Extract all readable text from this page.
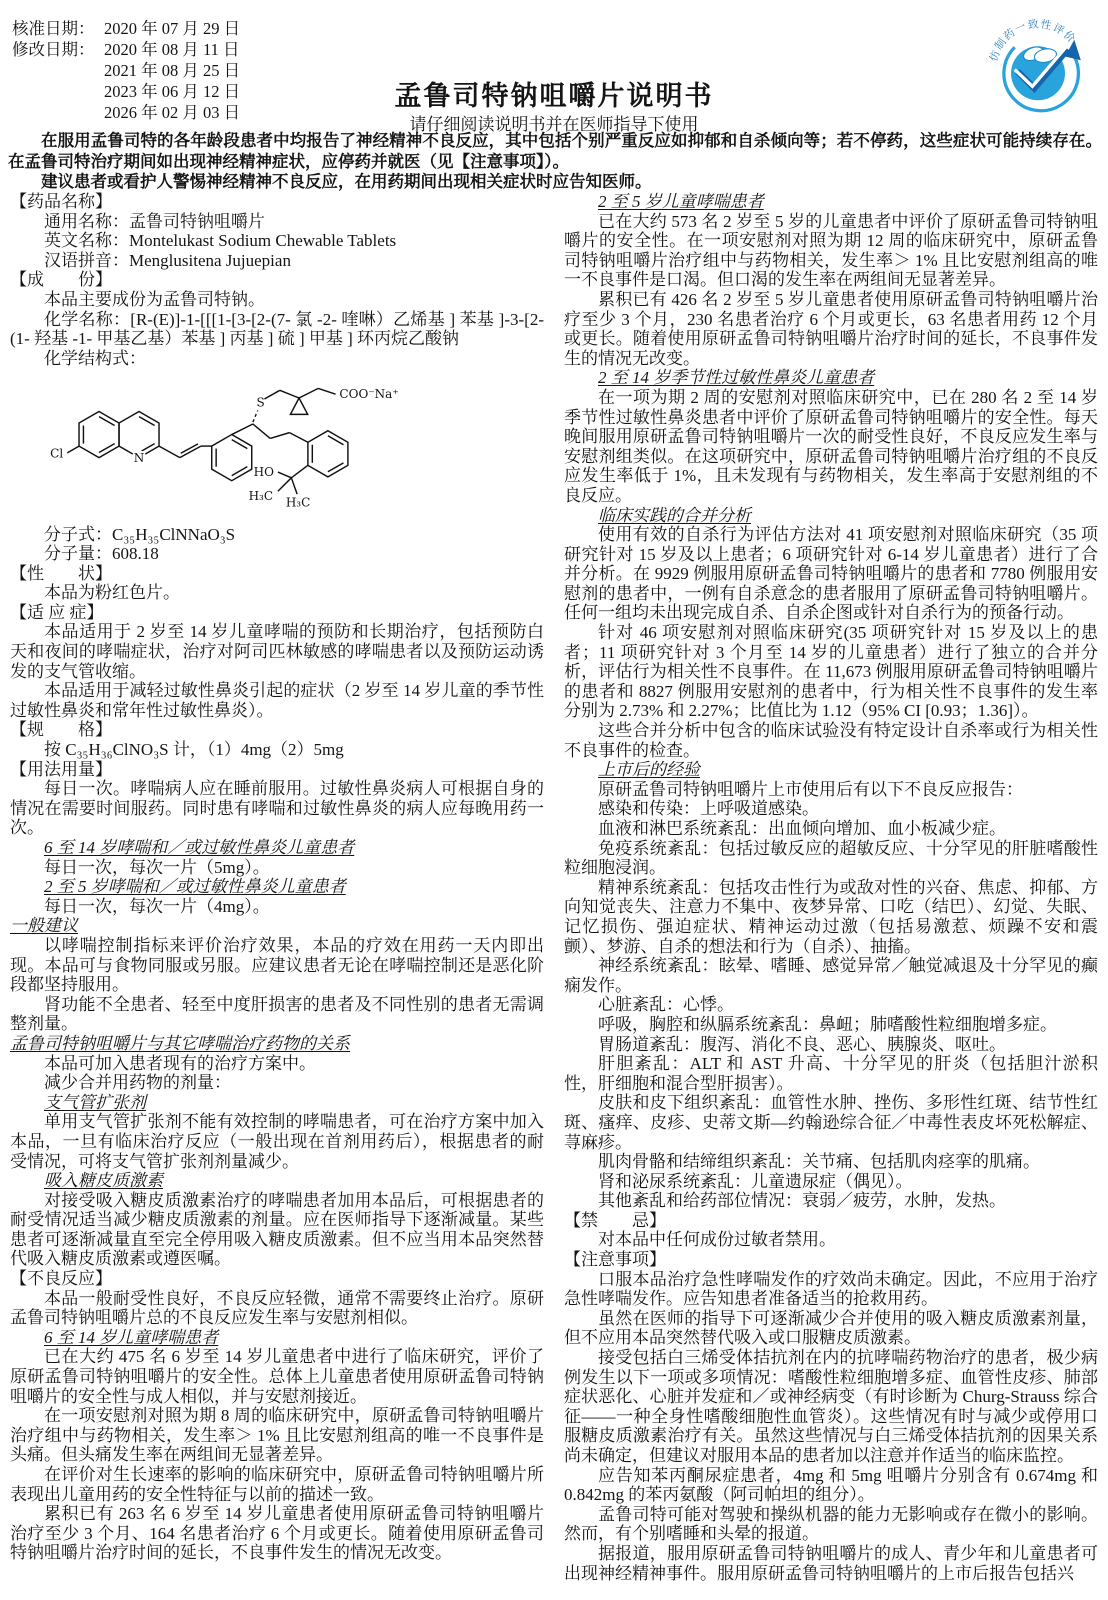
核准日期： 2020 年 07 月 29 日
修改日期： 2020 年 08 月 11 日
2021 年 08 月 25 日
2023 年 06 月 12 日
2026 年 02 月 03 日
孟鲁司特钠咀嚼片说明书
请仔细阅读说明书并在医师指导下使用

在服用孟鲁司特的各年龄段患者中均报告了神经精神不良反应，其中包括个别严重反应如抑郁和自杀倾向等；若不停药，这些症状可能持续存在。在孟鲁司特治疗期间如出现神经精神症状，应停药并就医（见【注意事项】）。

建议患者或看护人警惕神经精神不良反应，在用药期间出现相关症状时应告知医师。

仿制药一致性评价
【药品名称】
通用名称：孟鲁司特钠咀嚼片
英文名称：Montelukast Sodium Chewable Tablets
汉语拼音：Menglusitena Jujuepian
【成　　份】
本品主要成份为孟鲁司特钠。
化学名称：[R-(E)]-1-[[[1-[3-[2-(7- 氯 -2- 喹啉）乙烯基 ] 苯基 ]-3-[2-(1- 羟基 -1- 甲基乙基）苯基 ] 丙基 ] 硫 ] 甲基 ] 环丙烷乙酸钠
化学结构式：
N
Cl
S
COO⁻Na⁺
HO
H₃C H₃C
分子式：C₃₅H₃₅ClNNaO₃S
分子量：608.18
【性　　状】
本品为粉红色片。
【适 应 症】
本品适用于 2 岁至 14 岁儿童哮喘的预防和长期治疗，包括预防白天和夜间的哮喘症状，治疗对阿司匹林敏感的哮喘患者以及预防运动诱发的支气管收缩。
本品适用于减轻过敏性鼻炎引起的症状（2 岁至 14 岁儿童的季节性过敏性鼻炎和常年性过敏性鼻炎）。
【规　　格】
按 C₃₅H₃₆ClNO₃S 计，（1）4mg（2）5mg
【用法用量】
每日一次。哮喘病人应在睡前服用。过敏性鼻炎病人可根据自身的情况在需要时间服药。同时患有哮喘和过敏性鼻炎的病人应每晚用药一次。
6 至 14 岁哮喘和／或过敏性鼻炎儿童患者
每日一次，每次一片（5mg）。
2 至 5 岁哮喘和／或过敏性鼻炎儿童患者
每日一次，每次一片（4mg）。
一般建议
以哮喘控制指标来评价治疗效果，本品的疗效在用药一天内即出现。本品可与食物同服或另服。应建议患者无论在哮喘控制还是恶化阶段都坚持服用。
肾功能不全患者、轻至中度肝损害的患者及不同性别的患者无需调整剂量。
孟鲁司特钠咀嚼片与其它哮喘治疗药物的关系
本品可加入患者现有的治疗方案中。
减少合并用药物的剂量：
支气管扩张剂
单用支气管扩张剂不能有效控制的哮喘患者，可在治疗方案中加入本品，一旦有临床治疗反应（一般出现在首剂用药后），根据患者的耐受情况，可将支气管扩张剂剂量减少。
吸入糖皮质激素
对接受吸入糖皮质激素治疗的哮喘患者加用本品后，可根据患者的耐受情况适当减少糖皮质激素的剂量。应在医师指导下逐渐减量。某些患者可逐渐减量直至完全停用吸入糖皮质激素。但不应当用本品突然替代吸入糖皮质激素或遵医嘱。
【不良反应】
本品一般耐受性良好，不良反应轻微，通常不需要终止治疗。原研孟鲁司特钠咀嚼片总的不良反应发生率与安慰剂相似。
6 至 14 岁儿童哮喘患者
已在大约 475 名 6 岁至 14 岁儿童患者中进行了临床研究，评价了原研孟鲁司特钠咀嚼片的安全性。总体上儿童患者使用原研孟鲁司特钠咀嚼片的安全性与成人相似，并与安慰剂接近。
在一项安慰剂对照为期 8 周的临床研究中，原研孟鲁司特钠咀嚼片治疗组中与药物相关，发生率＞ 1% 且比安慰剂组高的唯一不良事件是头痛。但头痛发生率在两组间无显著差异。
在评价对生长速率的影响的临床研究中，原研孟鲁司特钠咀嚼片所表现出儿童用药的安全性特征与以前的描述一致。
累积已有 263 名 6 岁至 14 岁儿童患者使用原研孟鲁司特钠咀嚼片治疗至少 3 个月、164 名患者治疗 6 个月或更长。随着使用原研孟鲁司特钠咀嚼片治疗时间的延长，不良事件发生的情况无改变。
2 至 5 岁儿童哮喘患者
已在大约 573 名 2 岁至 5 岁的儿童患者中评价了原研孟鲁司特钠咀嚼片的安全性。在一项安慰剂对照为期 12 周的临床研究中，原研孟鲁司特钠咀嚼片治疗组中与药物相关，发生率＞ 1% 且比安慰剂组高的唯一不良事件是口渴。但口渴的发生率在两组间无显著差异。
累积已有 426 名 2 岁至 5 岁儿童患者使用原研孟鲁司特钠咀嚼片治疗至少 3 个月，230 名患者治疗 6 个月或更长，63 名患者用药 12 个月或更长。随着使用原研孟鲁司特钠咀嚼片治疗时间的延长，不良事件发生的情况无改变。
2 至 14 岁季节性过敏性鼻炎儿童患者
在一项为期 2 周的安慰剂对照临床研究中，已在 280 名 2 至 14 岁季节性过敏性鼻炎患者中评价了原研孟鲁司特钠咀嚼片的安全性。每天晚间服用原研孟鲁司特钠咀嚼片一次的耐受性良好，不良反应发生率与安慰剂组类似。在这项研究中，原研孟鲁司特钠咀嚼片治疗组的不良反应发生率低于 1%，且未发现有与药物相关，发生率高于安慰剂组的不良反应。
临床实践的合并分析
使用有效的自杀行为评估方法对 41 项安慰剂对照临床研究（35 项研究针对 15 岁及以上患者；6 项研究针对 6-14 岁儿童患者）进行了合并分析。在 9929 例服用原研孟鲁司特钠咀嚼片的患者和 7780 例服用安慰剂的患者中，一例有自杀意念的患者服用了原研孟鲁司特钠咀嚼片。任何一组均未出现完成自杀、自杀企图或针对自杀行为的预备行动。
针对 46 项安慰剂对照临床研究(35 项研究针对 15 岁及以上的患者；11 项研究针对 3 个月至 14 岁的儿童患者）进行了独立的合并分析，评估行为相关性不良事件。在 11,673 例服用原研孟鲁司特钠咀嚼片的患者和 8827 例服用安慰剂的患者中，行为相关性不良事件的发生率分别为 2.73% 和 2.27%；比值比为 1.12（95% CI [0.93；1.36]）。
这些合并分析中包含的临床试验没有特定设计自杀率或行为相关性不良事件的检查。
上市后的经验
原研孟鲁司特钠咀嚼片上市使用后有以下不良反应报告：
感染和传染：上呼吸道感染。
血液和淋巴系统紊乱：出血倾向增加、血小板减少症。
免疫系统紊乱：包括过敏反应的超敏反应、十分罕见的肝脏嗜酸性粒细胞浸润。
精神系统紊乱：包括攻击性行为或敌对性的兴奋、焦虑、抑郁、方向知觉丧失、注意力不集中、夜梦异常、口吃（结巴）、幻觉、失眠、记忆损伤、强迫症状、精神运动过激（包括易激惹、烦躁不安和震颤）、梦游、自杀的想法和行为（自杀）、抽搐。
神经系统紊乱：眩晕、嗜睡、感觉异常／触觉减退及十分罕见的癫痫发作。
心脏紊乱：心悸。
呼吸，胸腔和纵膈系统紊乱：鼻衄；肺嗜酸性粒细胞增多症。
胃肠道紊乱：腹泻、消化不良、恶心、胰腺炎、呕吐。
肝胆紊乱：ALT 和 AST 升高、十分罕见的肝炎（包括胆汁淤积性，肝细胞和混合型肝损害）。
皮肤和皮下组织紊乱：血管性水肿、挫伤、多形性红斑、结节性红斑、瘙痒、皮疹、史蒂文斯—约翰逊综合征／中毒性表皮坏死松解症、荨麻疹。
肌肉骨骼和结缔组织紊乱：关节痛、包括肌肉痉挛的肌痛。
肾和泌尿系统紊乱：儿童遗尿症（偶见）。
其他紊乱和给药部位情况：衰弱／疲劳，水肿，发热。
【禁　　忌】
对本品中任何成份过敏者禁用。
【注意事项】
口服本品治疗急性哮喘发作的疗效尚未确定。因此，不应用于治疗急性哮喘发作。应告知患者准备适当的抢救用药。
虽然在医师的指导下可逐渐减少合并使用的吸入糖皮质激素剂量，但不应用本品突然替代吸入或口服糖皮质激素。
接受包括白三烯受体拮抗剂在内的抗哮喘药物治疗的患者，极少病例发生以下一项或多项情况：嗜酸性粒细胞增多症、血管性皮疹、肺部症状恶化、心脏并发症和／或神经病变（有时诊断为 Churg-Strauss 综合征——一种全身性嗜酸细胞性血管炎）。这些情况有时与减少或停用口服糖皮质激素治疗有关。虽然这些情况与白三烯受体拮抗剂的因果关系尚未确定，但建议对服用本品的患者加以注意并作适当的临床监控。
应告知苯丙酮尿症患者，4mg 和 5mg 咀嚼片分别含有 0.674mg 和 0.842mg 的苯丙氨酸（阿司帕坦的组分）。
孟鲁司特可能对驾驶和操纵机器的能力无影响或存在微小的影响。然而，有个别嗜睡和头晕的报道。
据报道，服用原研孟鲁司特钠咀嚼片的成人、青少年和儿童患者可出现神经精神事件。服用原研孟鲁司特钠咀嚼片的上市后报告包括兴
